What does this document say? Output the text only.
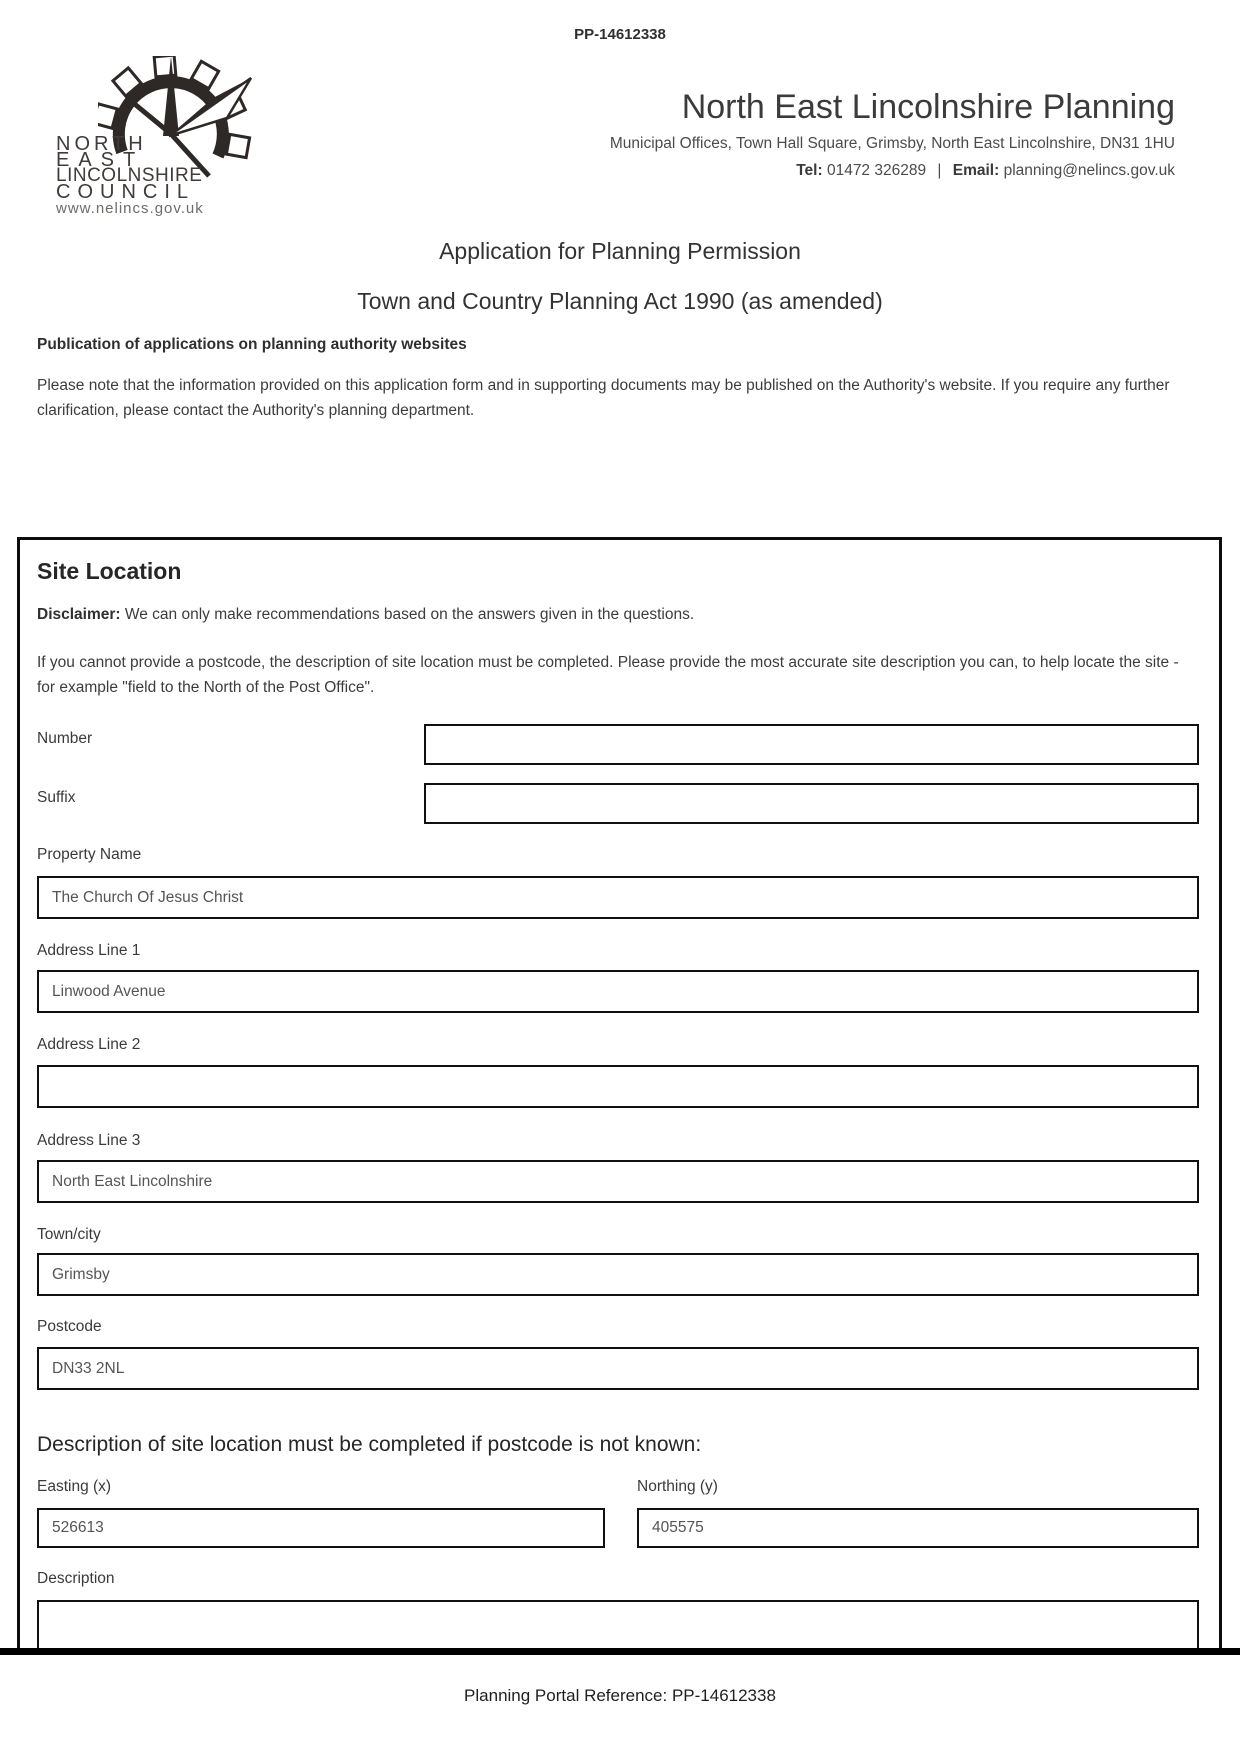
PP-14612338
NORTH
EAST
LINCOLNSHIRE
COUNCIL
www.nelincs.gov.uk
North East Lincolnshire Planning
Municipal Offices, Town Hall Square, Grimsby, North East Lincolnshire, DN31 1HU
Tel: 01472 326289 | Email: planning@nelincs.gov.uk
Application for Planning Permission
Town and Country Planning Act 1990 (as amended)
Publication of applications on planning authority websites
Please note that the information provided on this application form and in supporting documents may be published on the Authority's website. If you require any further clarification, please contact the Authority's planning department.
Site Location
Disclaimer: We can only make recommendations based on the answers given in the questions.
If you cannot provide a postcode, the description of site location must be completed. Please provide the most accurate site description you can, to help locate the site - for example "field to the North of the Post Office".
Number
Suffix
Property Name
The Church Of Jesus Christ
Address Line 1
Linwood Avenue
Address Line 2
Address Line 3
North East Lincolnshire
Town/city
Grimsby
Postcode
DN33 2NL
Description of site location must be completed if postcode is not known:
Easting (x)	Northing (y)
526613
405575
Description
Planning Portal Reference: PP-14612338
